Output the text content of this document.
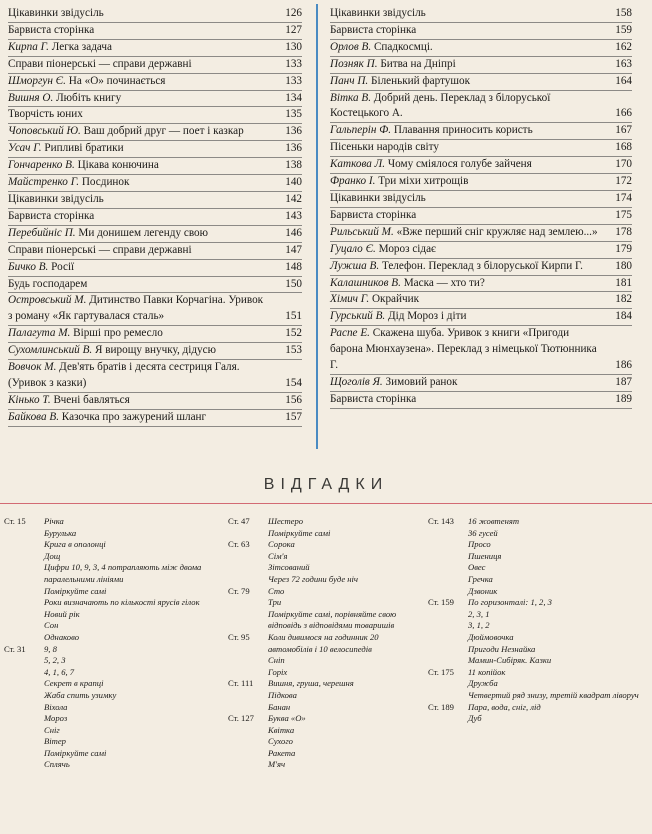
Цікавинки звідусіль	126
Барвиста сторінка	127
Кирпа Г. Легка задача	130
Справи піонерські — справи державні	133
Шморгун Є. На «О» починається	133
Вишня О. Любіть книгу	134
Творчість юних	135
Чоповський Ю. Ваш добрий друг — поет і казкар	136
Усач Г. Рипливі братики	136
Гончаренко В. Цікава конючина	138
Майстренко Г. Посдинок	140
Цікавинки звідусіль	142
Барвиста сторінка	143
Перебийніс П. Ми донишем легенду свою	146
Справи піонерські — справи державні	147
Бичко В. Росії	148
Будь господарем	150
Островський М. Дитинство Павки Корчагіна. Уривок з роману «Як гартувалася сталь»	151
Палагута М. Вірші про ремесло	152
Сухомлинський В. Я вирощу внучку, дідусю	153
Вовчок М. Дев'ять братів і десята сестриця Галя. (Уривок з казки)	154
Кінько Т. Вчені бавляться	156
Байкова В. Казочка про зажурений шланг	157
Цікавинки звідусіль	158
Барвиста сторінка	159
Орлов В. Спадкосмці.	162
Позняк П. Битва на Дніпрі	163
Панч П. Біленький фартушок	164
Вітка В. Добрий день. Переклад з білоруської Костецького А.	166
Гальперін Ф. Плавання приносить користь	167
Пісеньки народів світу	168
Каткова Л. Чому сміялося голубе зайченя	170
Франко І. Три міхи хитрощів	172
Цікавинки звідусіль	174
Барвиста сторінка	175
Рильський М. «Вже перший сніг кружляє над землею...» 178
Гуцало Є. Мороз сідає	179
Лужша В. Телефон. Переклад з білоруської Кирпи Г.	180
Калашников В. Маска — хто ти?	181
Хімич Г. Окрайчик	182
Гурський В. Дід Мороз і діти	184
Распе Е. Скажена шуба. Уривок з книги «Пригоди барона Мюнхаузена». Переклад з німецької Тютюнника Г.	186
Щоголів Я. Зимовий ранок	187
Барвиста сторінка	189
ВІДГАДКИ
Ст. 15 Річка
Бурулька
Крига в ополонці
Дощ
Цифри 10, 9, 3, 4 потрапляють між двома паралельними лініями
Поміркуйте самі
Роки визначають по кількості ярусів гілок
Новий рік
Сон
Однаково
Ст. 31 9, 8
5, 2, 3
4, 1, 6, 7
Секрет в крапці
Жаба спить узимку
Віхола
Мороз
Сніг
Вітер
Поміркуйте самі
Сплячь
Ст. 47 Шестеро
Поміркуйте самі
Ст. 63 Сорока
Сім'я
Зітсований
Через 72 години буде ніч
Ст. 79 Сто
Три
Поміркуйте самі, порівняйте свою відповідь з відповідями товаришів
Ст. 95 Коли дивимося на годинник 20 автомобілів і 10 велосипедів
Сніп
Горіх
Ст. 111 Вишня, груша, черешня
Підкова
Банан
Ст. 127 Буква «О»
Квітка
Сухого
Ракета
М'яч
Ст. 143 16 жовтенят
36 гусей
Просо
Пшениця
Овес
Гречка
Дзвоник
Ст. 159 По горизонталі: 1, 2, 3
2, 3, 1
3, 1, 2
Дюймовочка
Пригоди Незнайка
Мамин-Сибіряк. Казки
Ст. 175 11 копійок
Дружба
Четвертий ряд знизу, третій квадрат ліворуч
Ст. 189 Пара, вода, сніг, лід
Дуб
